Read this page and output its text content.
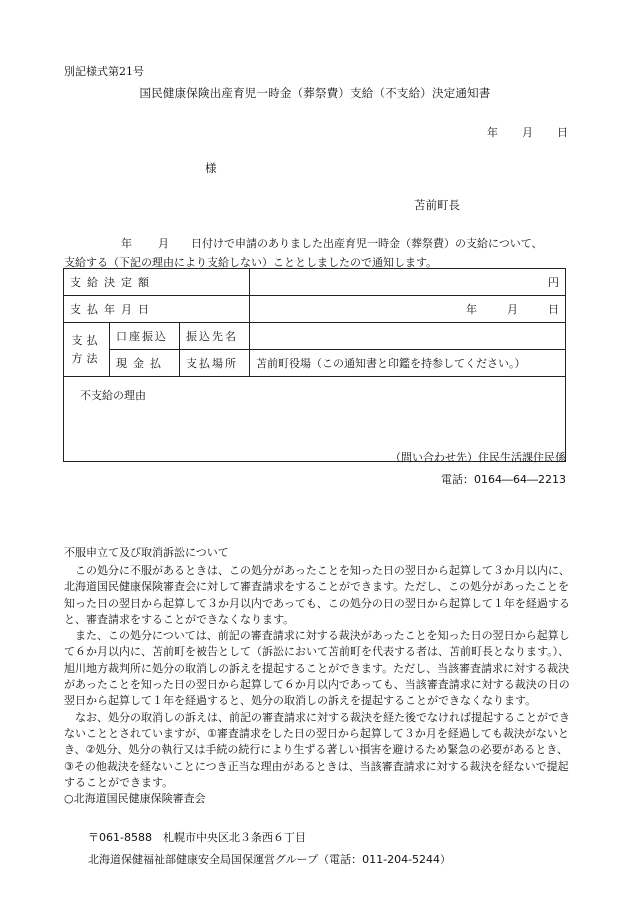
別記様式第21号
国民健康保険出産育児一時金（葬祭費）支給（不支給）決定通知書
年 月 日
様
苫前町長
年 月 日付けで申請のありました出産育児一時金（葬祭費）の支給について、
支給する（下記の理由により支給しない）こととしましたので通知します。
支給決定額			円
支払年月日			年 月 日

支払
方法	口座振込	振込先名	
	現金払	支払場所	苫前町役場（この通知書と印鑑を持参してください。）
不支給の理由			
（問い合わせ先）住民生活課住民係
電話：0164―64―2213
不服申立て及び取消訴訟について

この処分に不服があるときは、この処分があったことを知った日の翌日から起算して３か月以内に、北海道国民健康保険審査会に対して審査請求をすることができます。ただし、この処分があったことを知った日の翌日から起算して３か月以内であっても、この処分の日の翌日から起算して１年を経過すると、審査請求をすることができなくなります。

また、この処分については、前記の審査請求に対する裁決があったことを知った日の翌日から起算して６か月以内に、苫前町を被告として（訴訟において苫前町を代表する者は、苫前町長となります。）、旭川地方裁判所に処分の取消しの訴えを提起することができます。ただし、当該審査請求に対する裁決があったことを知った日の翌日から起算して６か月以内であっても、当該審査請求に対する裁決の日の翌日から起算して１年を経過すると、処分の取消しの訴えを提起することができなくなります。

なお、処分の取消しの訴えは、前記の審査請求に対する裁決を経た後でなければ提起することができないこととされていますが、①審査請求をした日の翌日から起算して３か月を経過しても裁決がないとき、②処分、処分の執行又は手続の続行により生ずる著しい損害を避けるため緊急の必要があるとき、③その他裁決を経ないことにつき正当な理由があるときは、当該審査請求に対する裁決を経ないで提起することができます。

○北海道国民健康保険審査会

〒061-8588　札幌市中央区北３条西６丁目
北海道保健福祉部健康安全局国保運営グループ（電話：011-204-5244）
